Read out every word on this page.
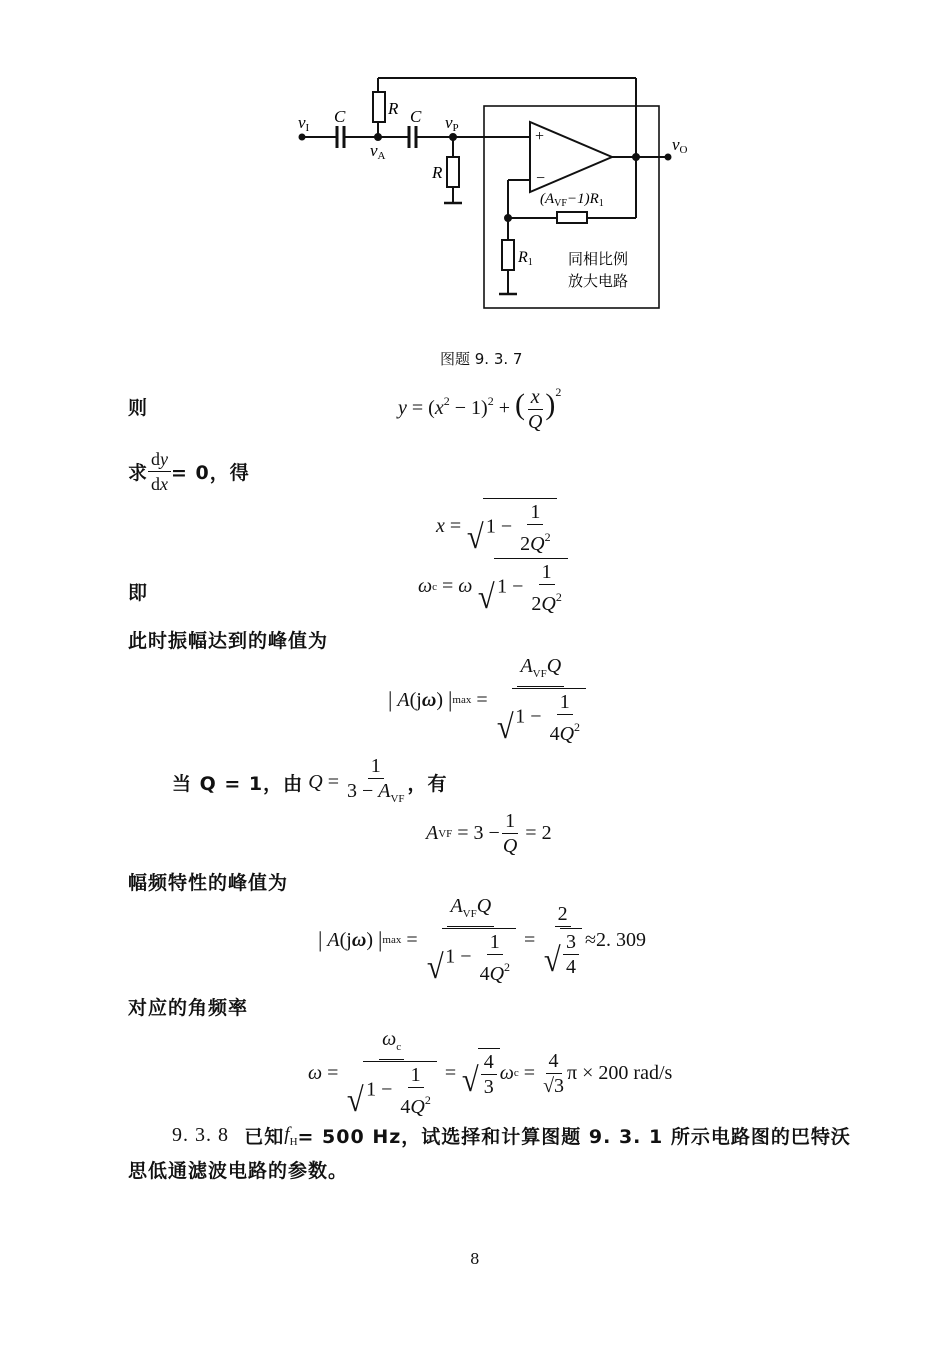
vI
C	R C
vA
vP
R
+
−
vO
$(A_{VF}-1)R_1$
R1 同相比例
放大电路
图题 9. 3. 7
则	$y = (x^2 - 1)^2$ + ( $\frac{x}{Q} )^2$
求 $\frac{dy}{dx} = 0$，得
x = √ $1 - \frac{1}{2Q^2}$
即	ω c = ω √ $1 - \frac{1}{2Q^2}$
此时振幅达到的峰值为
| A (j ω )
| $\max = \frac{A_{VF}Q}{√ 1 - \frac{1}{4Q^2}}$
当 Q = 1，由
$Q = \frac{1}{3 - A_{VF}}$ ，有
A VF = $3 - \frac{1}{Q} = 2$
幅频特性的峰值为
| A (j ω )
| $\max = \frac{A_{VF}Q}{√ 1 - \frac{1}{4Q^2}} = \frac{2}{√ \frac{3}{4}} \approx 2$. 309
对应的角频率
$\omega = \frac{\omega_c}{√ 1 - \frac{1}{4Q^2}}$ = √ $\frac{4}{3}$ ω $c = \frac{4}{√3}$ π × 200 rad/s
9. 3. 8
已知 $f_H = 500$ Hz，试选择和计算图题 9. 3. 1 所示电路图的巴特沃
思低通滤波电路的参数。
8
